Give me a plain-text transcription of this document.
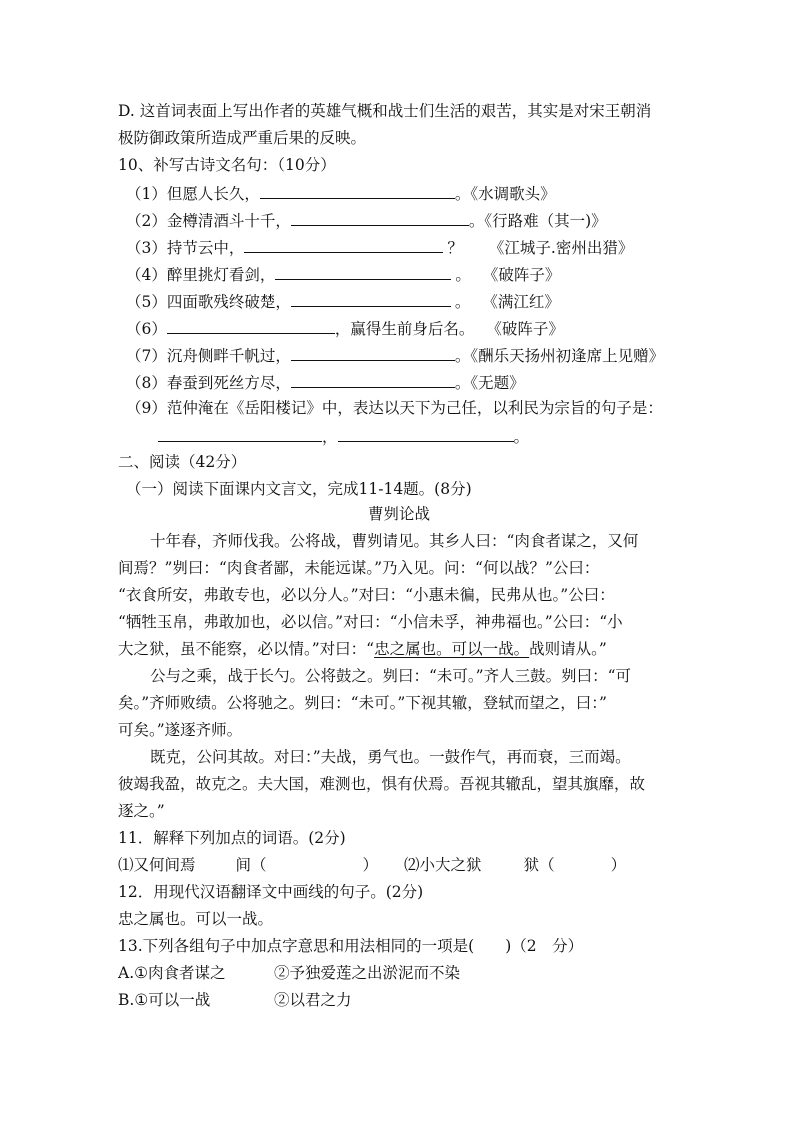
D. 这首词表面上写出作者的英雄气概和战士们生活的艰苦，其实是对宋王朝消
极防御政策所造成严重后果的反映。
10、补写古诗文名句：（10分）
（1）但愿人长久，	。《水调歌头》
（2）金樽清酒斗十千，	。《行路难（其一)》
（3）持节云中，	？ 《江城子.密州出猎》
（4）醉里挑灯看剑，	。 《破阵子》
（5）四面歌残终破楚，	。 《满江红》
（6）	，赢得生前身后名。 《破阵子》
（7）沉舟侧畔千帆过，	。《酬乐天扬州初逢席上见赠》
（8）春蚕到死丝方尽，	。《无题》
（9）范仲淹在《岳阳楼记》中，表达以天下为己任，以利民为宗旨的句子是：
，	。
二、阅读（42分）
（一）阅读下面课内文言文，完成11-14题。(8分)
曹刿论战
十年春，齐师伐我。公将战，曹刿请见。其乡人曰：“肉食者谋之，又何
间焉？”刿曰：“肉食者鄙，未能远谋。”乃入见。问：“何以战？”公曰：
“衣食所安，弗敢专也，必以分人。”对曰：“小惠未徧，民弗从也。”公曰：
“牺牲玉帛，弗敢加也，必以信。”对曰：“小信未孚，神弗福也。”公曰：“小
大之狱，虽不能察，必以情。”对曰：“忠之属也。可以一战。战则请从。”
公与之乘，战于长勺。公将鼓之。刿曰：“未可。”齐人三鼓。刿曰：“可
矣。”齐师败绩。公将驰之。刿曰：“未可。”下视其辙，登轼而望之，曰：”
可矣。”遂逐齐师。
既克，公问其故。对曰：”夫战，勇气也。一鼓作气，再而衰，三而竭。
彼竭我盈，故克之。夫大国，难测也，惧有伏焉。吾视其辙乱，望其旗靡，故
逐之。”
11．解释下列加点的词语。(2分)
⑴又何间焉	间（	） ⑵小大之狱	狱（	）
12．用现代汉语翻译文中画线的句子。(2分)
忠之属也。可以一战。
13.下列各组句子中加点字意思和用法相同的一项是(　　)（2　分）
A.①肉食者谋之	②予独爱莲之出淤泥而不染
B.①可以一战	②以君之力
